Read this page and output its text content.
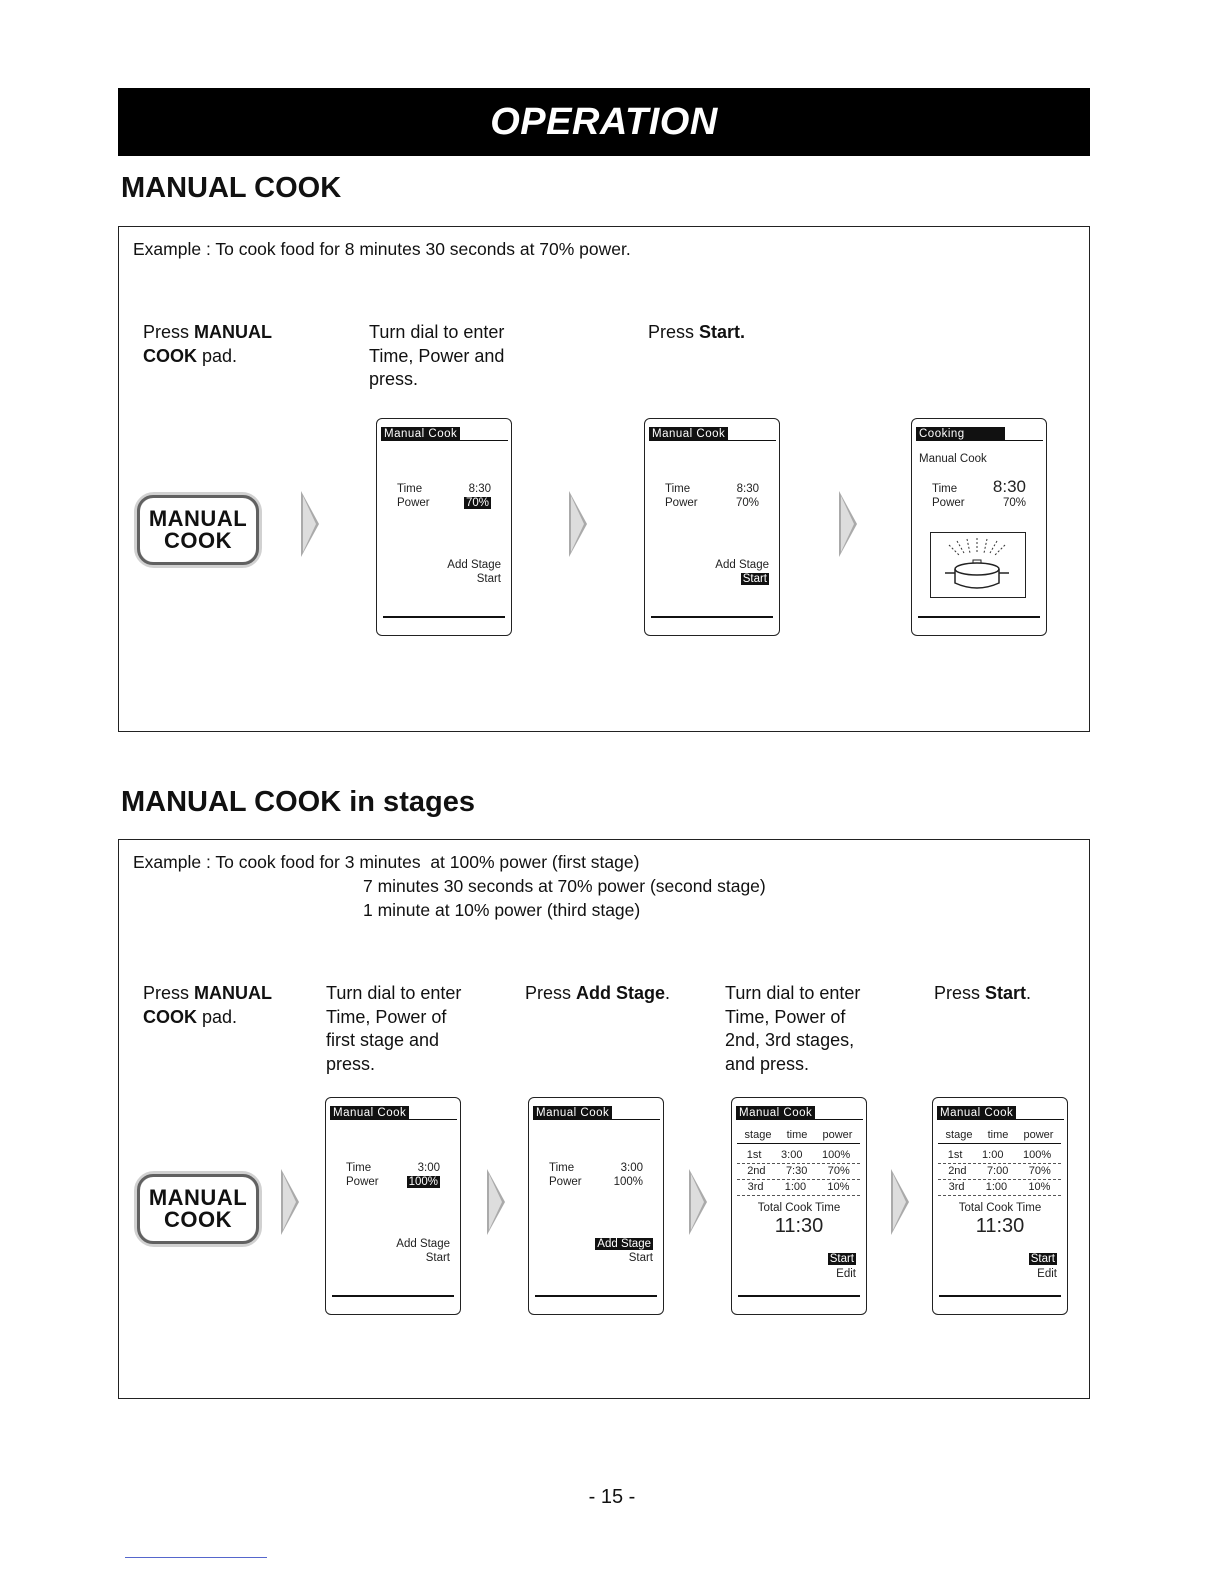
OPERATION
MANUAL COOK
Example : To cook food for 8 minutes 30 seconds at 70% power.
Press MANUAL
COOK pad.
Turn dial to enter
Time, Power and
press.
Press Start.
MANUAL
COOK
Manual Cook
Time
Power
8:30
70%
Add Stage
Start
Manual Cook
Time
Power
8:30
70%
Add Stage
Start
Cooking
Manual Cook
Time
Power
8:30
70%
MANUAL COOK in stages
Example : To cook food for 3 minutes  at 100% power (first stage)
7 minutes 30 seconds at 70% power (second stage)
1 minute at 10% power (third stage)
Press MANUAL
COOK pad.
Turn dial to enter
Time, Power of
first stage and
press.
Press Add Stage.	Turn dial to enter
Time, Power of
2nd, 3rd stages,
and press.
Press Start.
MANUAL
COOK
Manual Cook
Time
Power
3:00
100%
Add Stage
Start
Manual Cook
Time
Power
3:00
100%
Add Stage
Start
Manual Cook
stage time power
1st 3:00 100%
2nd 7:30 70%
3rd 1:00 10%
Total Cook Time
11:30
Start
Edit
Manual Cook
stage time power
1st 1:00 100%
2nd 7:00 70%
3rd 1:00 10%
Total Cook Time
11:30
Start
Edit
- 15 -
